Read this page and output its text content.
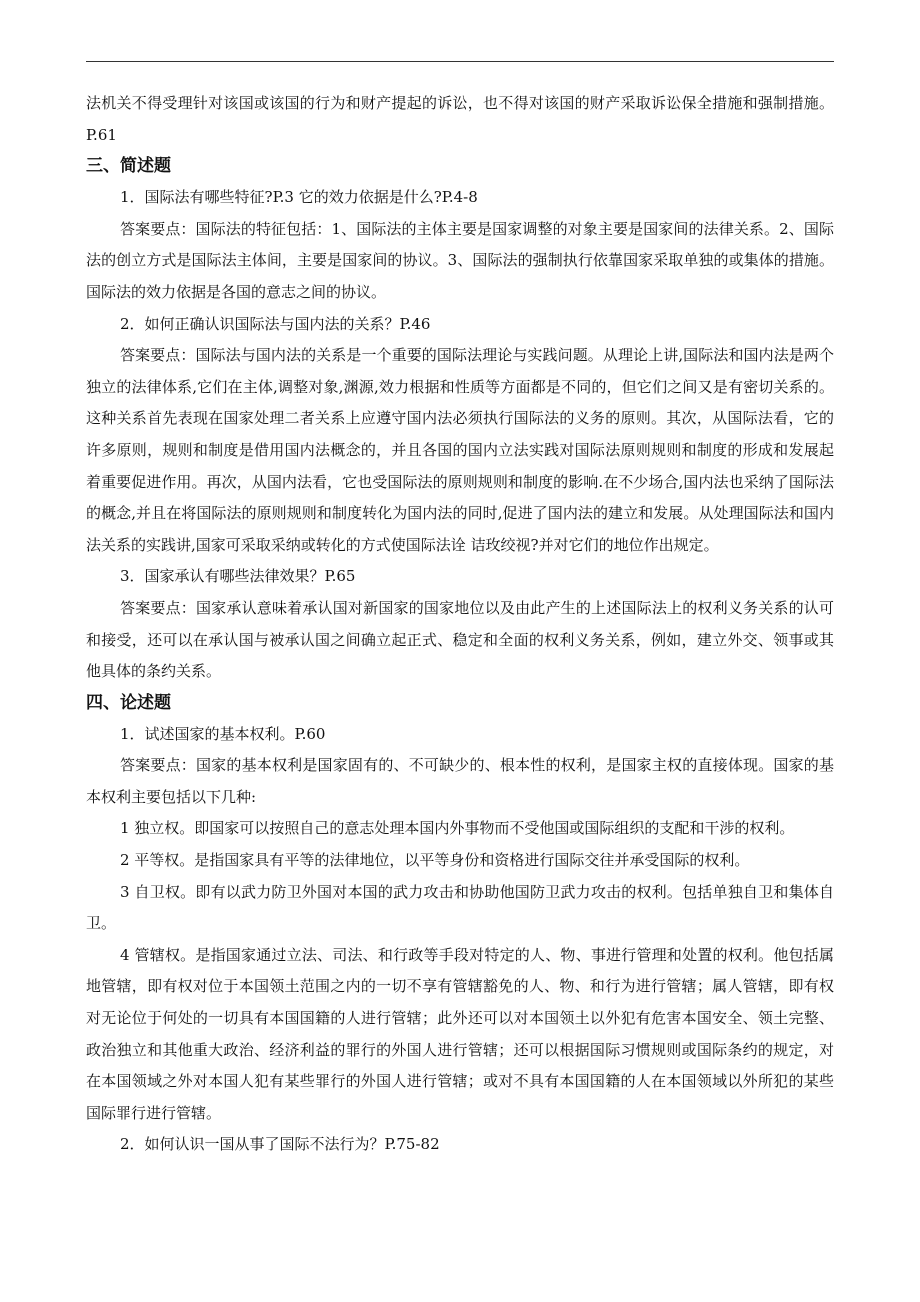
法机关不得受理针对该国或该国的行为和财产提起的诉讼，也不得对该国的财产采取诉讼保全措施和强制措施。P.61

三、简述题

1．国际法有哪些特征?P.3 它的效力依据是什么?P.4-8

答案要点：国际法的特征包括：1、国际法的主体主要是国家调整的对象主要是国家间的法律关系。2、国际法的创立方式是国际法主体间，主要是国家间的协议。3、国际法的强制执行依靠国家采取单独的或集体的措施。国际法的效力依据是各国的意志之间的协议。

2．如何正确认识国际法与国内法的关系？P.46

答案要点：国际法与国内法的关系是一个重要的国际法理论与实践问题。从理论上讲,国际法和国内法是两个独立的法律体系,它们在主体,调整对象,渊源,效力根据和性质等方面都是不同的，但它们之间又是有密切关系的。这种关系首先表现在国家处理二者关系上应遵守国内法必须执行国际法的义务的原则。其次，从国际法看，它的许多原则，规则和制度是借用国内法概念的，并且各国的国内立法实践对国际法原则规则和制度的形成和发展起着重要促进作用。再次，从国内法看，它也受国际法的原则规则和制度的影响.在不少场合,国内法也采纳了国际法的概念,并且在将国际法的原则规则和制度转化为国内法的同时,促进了国内法的建立和发展。从处理国际法和国内法关系的实践讲,国家可采取采纳或转化的方式使国际法诠 诘玫绞视?并对它们的地位作出规定。

3．国家承认有哪些法律效果？P.65

答案要点：国家承认意味着承认国对新国家的国家地位以及由此产生的上述国际法上的权利义务关系的认可和接受，还可以在承认国与被承认国之间确立起正式、稳定和全面的权利义务关系，例如，建立外交、领事或其他具体的条约关系。

四、论述题

1．试述国家的基本权利。P.60

答案要点：国家的基本权利是国家固有的、不可缺少的、根本性的权利，是国家主权的直接体现。国家的基本权利主要包括以下几种:

1 独立权。即国家可以按照自己的意志处理本国内外事物而不受他国或国际组织的支配和干涉的权利。

2 平等权。是指国家具有平等的法律地位，以平等身份和资格进行国际交往并承受国际的权利。

3 自卫权。即有以武力防卫外国对本国的武力攻击和协助他国防卫武力攻击的权利。包括单独自卫和集体自卫。

4 管辖权。是指国家通过立法、司法、和行政等手段对特定的人、物、事进行管理和处置的权利。他包括属地管辖，即有权对位于本国领土范围之内的一切不享有管辖豁免的人、物、和行为进行管辖；属人管辖，即有权对无论位于何处的一切具有本国国籍的人进行管辖；此外还可以对本国领土以外犯有危害本国安全、领土完整、政治独立和其他重大政治、经济利益的罪行的外国人进行管辖；还可以根据国际习惯规则或国际条约的规定，对在本国领域之外对本国人犯有某些罪行的外国人进行管辖；或对不具有本国国籍的人在本国领域以外所犯的某些国际罪行进行管辖。

2．如何认识一国从事了国际不法行为？P.75-82
